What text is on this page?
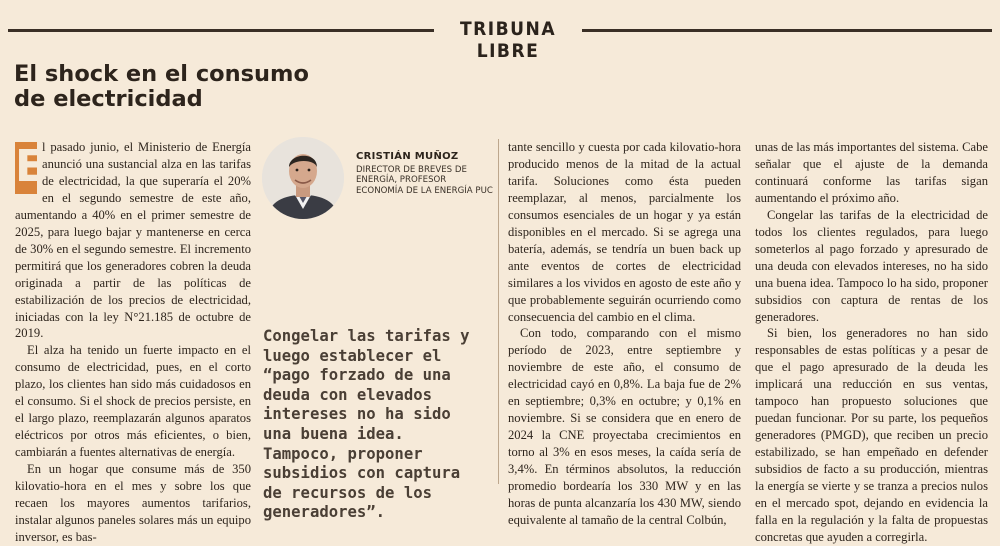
TRIBUNA LIBRE
El shock en el consumo
de electricidad

E
l pasado junio, el Ministerio de Energía anunció una sustancial alza en las tarifas de electricidad, la que superaría el 20% en el segundo semestre de este año, aumentando a 40% en el primer semestre de 2025, para luego bajar y mantenerse en cerca de 30% en el segundo semestre. El incremento permitirá que los generadores cobren la deuda originada a partir de las políticas de estabilización de los precios de electricidad, iniciadas con la ley N°21.185 de octubre de 2019.

El alza ha tenido un fuerte impacto en el consumo de electricidad, pues, en el corto plazo, los clientes han sido más cuidadosos en el consumo. Si el shock de precios persiste, en el largo plazo, reemplazarán algunos aparatos eléctricos por otros más eficientes, o bien, cambiarán a fuentes alternativas de energía.

En un hogar que consume más de 350 kilovatio-hora en el mes y sobre los que recaen los mayores aumentos tarifarios, instalar algunos paneles solares más un equipo inversor, es bas-

CRISTIÁN MUÑOZ
DIRECTOR DE BREVES DE ENERGÍA, PROFESOR ECONOMÍA DE LA ENERGÍA PUC

Congelar las tarifas y luego establecer el “pago forzado de una deuda con elevados intereses no ha sido una buena idea. Tampoco, proponer subsidios con captura de recursos de los generadores”.

tante sencillo y cuesta por cada kilovatio-hora producido menos de la mitad de la actual tarifa. Soluciones como ésta pueden reemplazar, al menos, parcialmente los consumos esenciales de un hogar y ya están disponibles en el mercado. Si se agrega una batería, además, se tendría un buen back up ante eventos de cortes de electricidad similares a los vividos en agosto de este año y que probablemente seguirán ocurriendo como consecuencia del cambio en el clima.

Con todo, comparando con el mismo período de 2023, entre septiembre y noviembre de este año, el consumo de electricidad cayó en 0,8%. La baja fue de 2% en septiembre; 0,3% en octubre; y 0,1% en noviembre. Si se considera que en enero de 2024 la CNE proyectaba crecimientos en torno al 3% en esos meses, la caída sería de 3,4%. En términos absolutos, la reducción promedio bordearía los 330 MW y en las horas de punta alcanzaría los 430 MW, siendo equivalente al tamaño de la central Colbún,

unas de las más importantes del sistema. Cabe señalar que el ajuste de la demanda continuará conforme las tarifas sigan aumentando el próximo año.

Congelar las tarifas de la electricidad de todos los clientes regulados, para luego someterlos al pago forzado y apresurado de una deuda con elevados intereses, no ha sido una buena idea. Tampoco lo ha sido, proponer subsidios con captura de rentas de los generadores.

Si bien, los generadores no han sido responsables de estas políticas y a pesar de que el pago apresurado de la deuda les implicará una reducción en sus ventas, tampoco han propuesto soluciones que puedan funcionar. Por su parte, los pequeños generadores (PMGD), que reciben un precio estabilizado, se han empeñado en defender subsidios de facto a su producción, mientras la energía se vierte y se tranza a precios nulos en el mercado spot, dejando en evidencia la falla en la regulación y la falta de propuestas concretas que ayuden a corregirla.
